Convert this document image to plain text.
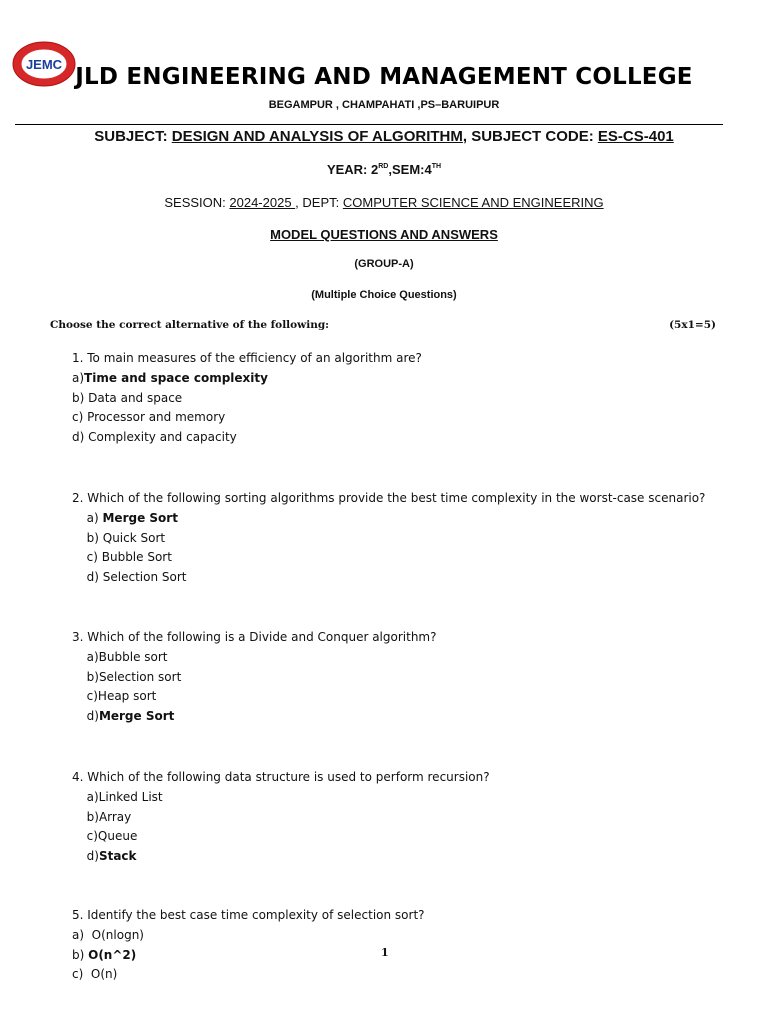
JEMC JLD ENGINEERING AND MANAGEMENT COLLEGE
BEGAMPUR , CHAMPAHATI ,PS–BARUIPUR
SUBJECT: DESIGN AND ANALYSIS OF ALGORITHM, SUBJECT CODE: ES-CS-401
YEAR: 2RD,SEM:4TH
SESSION: 2024-2025 , DEPT: COMPUTER SCIENCE AND ENGINEERING
MODEL QUESTIONS AND ANSWERS
(GROUP-A)
(Multiple Choice Questions)
Choose the correct alternative of the following:	(5x1=5)
1. To main measures of the efficiency of an algorithm are?
a)Time and space complexity
b) Data and space
c) Processor and memory
d) Complexity and capacity
2. Which of the following sorting algorithms provide the best time complexity in the worst-case scenario?
a) Merge Sort
b) Quick Sort
c) Bubble Sort
d) Selection Sort
3. Which of the following is a Divide and Conquer algorithm?
a)Bubble sort
b)Selection sort
c)Heap sort
d)Merge Sort
4. Which of the following data structure is used to perform recursion?
a)Linked List
b)Array
c)Queue
d)Stack
5. Identify the best case time complexity of selection sort?
a)  O(nlogn)
b) O(n^2)
c)  O(n)
1
